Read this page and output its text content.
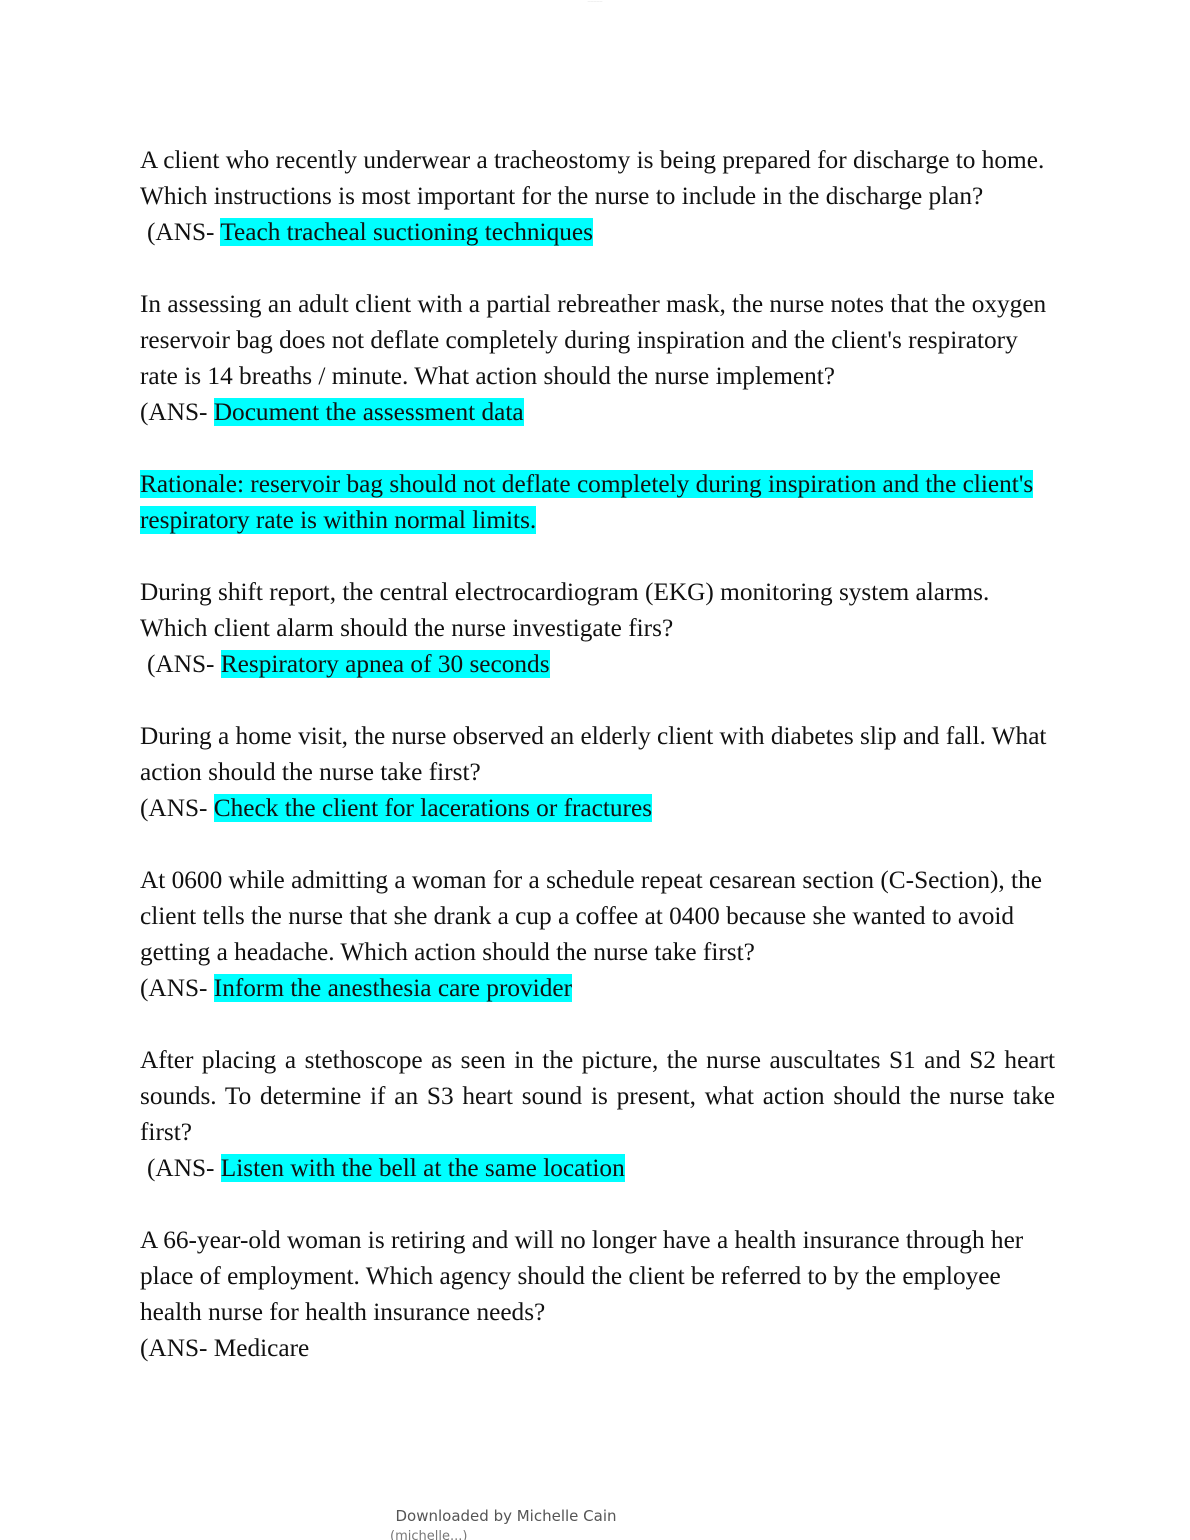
—————

A client who recently underwear a tracheostomy is being prepared for discharge to home. Which instructions is most important for the nurse to include in the discharge plan?

(ANS- Teach tracheal suctioning techniques

In assessing an adult client with a partial rebreather mask, the nurse notes that the oxygen reservoir bag does not deflate completely during inspiration and the client's respiratory rate is 14 breaths / minute. What action should the nurse implement?

(ANS- Document the assessment data

Rationale: reservoir bag should not deflate completely during inspiration and the client's respiratory rate is within normal limits.

During shift report, the central electrocardiogram (EKG) monitoring system alarms. Which client alarm should the nurse investigate firs?

(ANS- Respiratory apnea of 30 seconds

During a home visit, the nurse observed an elderly client with diabetes slip and fall. What action should the nurse take first?

(ANS- Check the client for lacerations or fractures

At 0600 while admitting a woman for a schedule repeat cesarean section (C-Section), the client tells the nurse that she drank a cup a coffee at 0400 because she wanted to avoid getting a headache. Which action should the nurse take first?

(ANS- Inform the anesthesia care provider

After placing a stethoscope as seen in the picture, the nurse auscultates S1 and S2 heart sounds. To determine if an S3 heart sound is present, what action should the nurse take first?

(ANS- Listen with the bell at the same location

A 66-year-old woman is retiring and will no longer have a health insurance through her place of employment. Which agency should the client be referred to by the employee health nurse for health insurance needs?

(ANS- Medicare

Downloaded by Michelle Cain
(michelle...)
